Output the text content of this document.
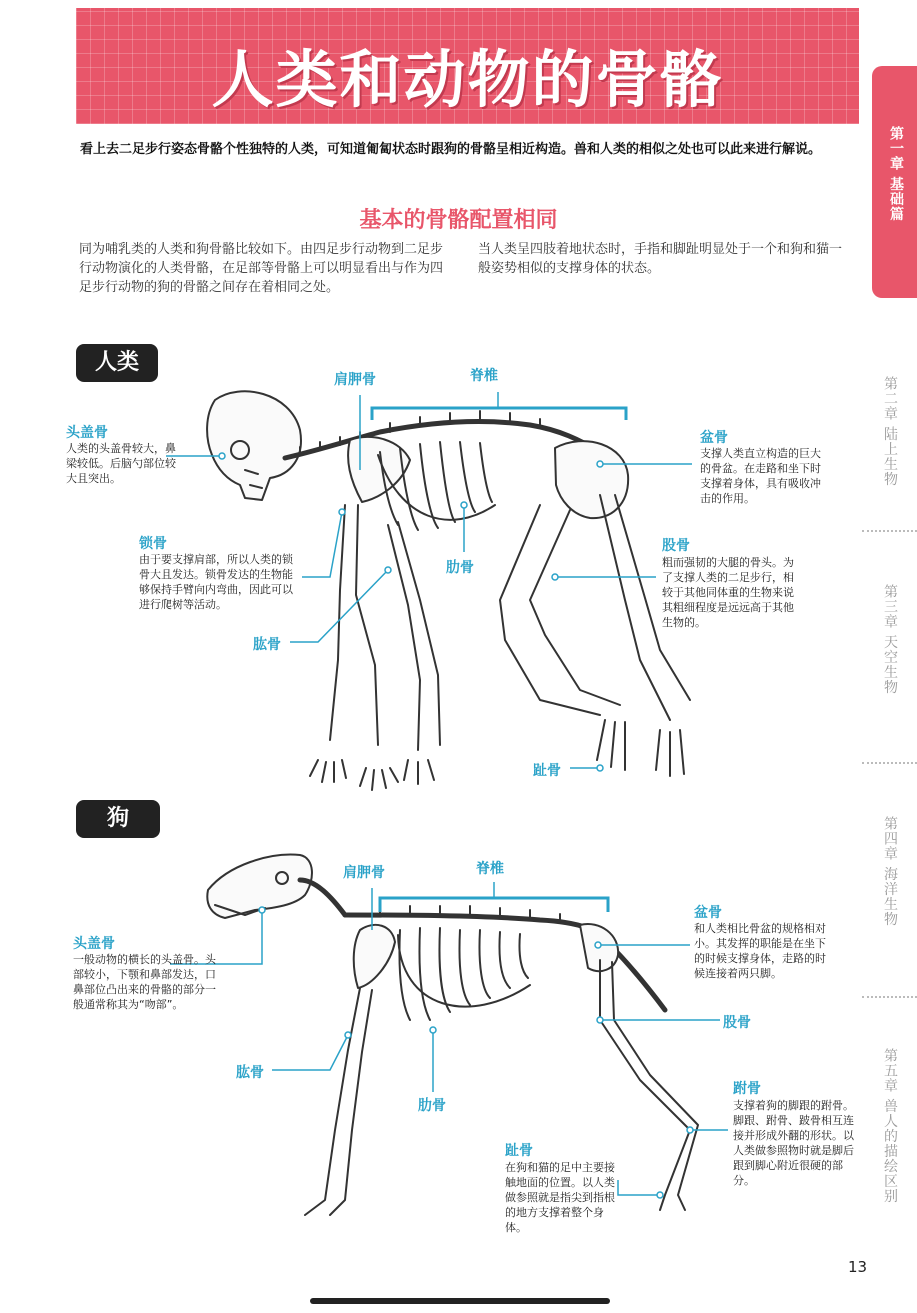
人类和动物的骨骼
看上去二足步行姿态骨骼个性独特的人类，可知道匍匐状态时跟狗的骨骼呈相近构造。兽和人类的相似之处也可以此来进行解说。
基本的骨骼配置相同
同为哺乳类的人类和狗骨骼比较如下。由四足步行动物到二足步行动物演化的人类骨骼，在足部等骨骼上可以明显看出与作为四足步行动物的狗的骨骼之间存在着相同之处。
当人类呈四肢着地状态时，手指和脚趾明显处于一个和狗和猫一般姿势相似的支撑身体的状态。
第一章 基础篇
第二章 陆上生物
第三章 天空生物
第四章 海洋生物
第五章 兽人的描绘区别
人类
肩胛骨	脊椎
头盖骨
人类的头盖骨较大，鼻梁较低。后脑勺部位较大且突出。
盆骨
支撑人类直立构造的巨大的骨盆。在走路和坐下时支撑着身体，具有吸收冲击的作用。
锁骨
由于要支撑肩部，所以人类的锁骨大且发达。锁骨发达的生物能够保持手臂向内弯曲，因此可以进行爬树等活动。
肋骨
股骨
粗而强韧的大腿的骨头。为了支撑人类的二足步行，相较于其他同体重的生物来说其粗细程度是远远高于其他生物的。
肱骨
趾骨
狗
肩胛骨	脊椎
头盖骨
一般动物的横长的头盖骨。头部较小，下颚和鼻部发达，口鼻部位凸出来的骨骼的部分一般通常称其为“吻部”。
盆骨
和人类相比骨盆的规格相对小。其发挥的职能是在坐下的时候支撑身体，走路的时候连接着两只脚。
股骨
肱骨
跗骨
支撑着狗的脚跟的跗骨。脚跟、跗骨、跛骨相互连接并形成外翻的形状。以人类做参照物时就是脚后跟到脚心附近很硬的部分。
肋骨
趾骨
在狗和猫的足中主要接触地面的位置。以人类做参照就是指尖到指根的地方支撑着整个身体。
13
